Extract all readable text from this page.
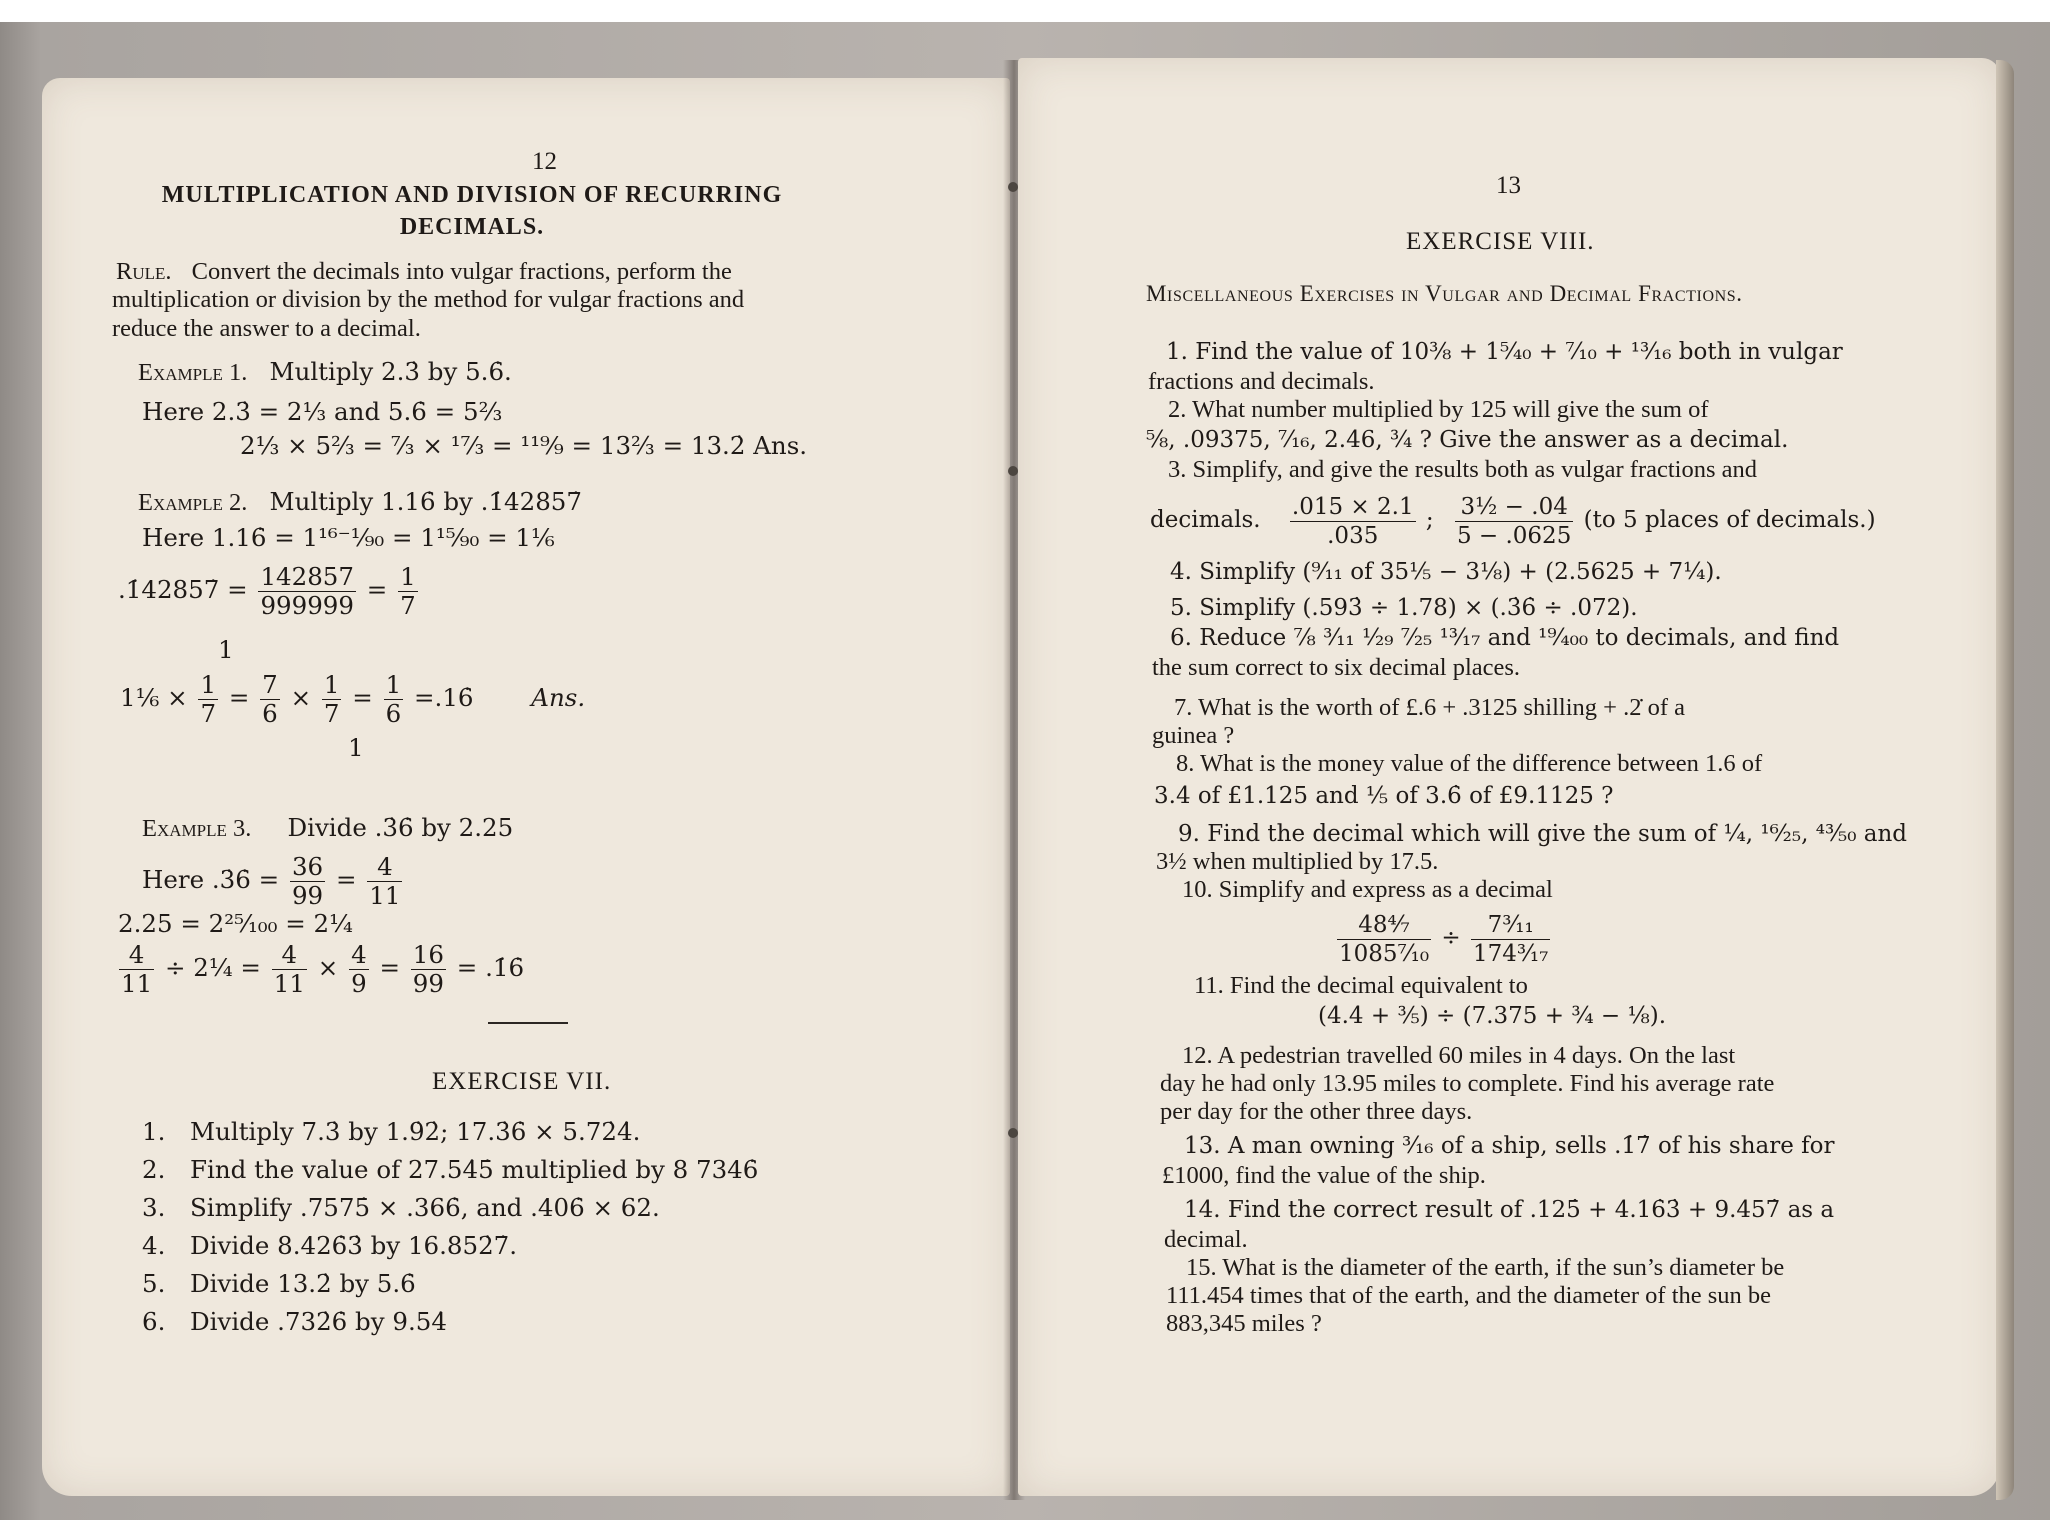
12
MULTIPLICATION AND DIVISION OF RECURRING
DECIMALS.
Rule. Convert the decimals into vulgar fractions, perform the
multiplication or division by the method for vulgar fractions and
reduce the answer to a decimal.
Example 1. Multiply 2.3̇ by 5.6̇.
Here 2.3̇ = 2⅓ and 5.6̇ = 5⅔
2⅓ × 5⅔ = ⁷⁄₃ × ¹⁷⁄₃ = ¹¹⁹⁄₉ = 13⅔ = 13.2̇ Ans.
Example 2. Multiply 1.16̇ by .1̇42857̇
Here 1.16̇ = 1¹⁶⁻¹⁄₉₀ = 1¹⁵⁄₉₀ = 1⅙
.1̇42857̇ = $\frac{142857}{999999} = \frac{1}{7}$
1
1⅙ × $\frac{1}{7} = \frac{7}{6} \times \frac{1}{7} = \frac{1}{6}$ =.16̇ Ans.
1
Example 3. Divide .3̇6̇ by 2.25
Here .3̇6̇ = $\frac{36}{99} = \frac{4}{11}$
2.25 = 2²⁵⁄₁₀₀ = 2¼
$\frac{4}{11}$ ÷ 2¼ = $\frac{4}{11} \times \frac{4}{9} = \frac{16}{99}$ = .1̇6̇
EXERCISE VII.
1. Multiply 7.3̇ by 1.9̇2̇; 17.3̇6̇ × 5.72̇4̇.
2. Find the value of 27.54̇5̇ multiplied by 8 7346̇
3. Simplify .7575̇ × .366̇, and .406̇ × 62.
4. Divide 8.426̇3̇ by 16.852̇7̇.
5. Divide 13.2̇ by 5.6̇
6. Divide .732̇6̇ by 9.54̇
13
EXERCISE VIII.
Miscellaneous Exercises in Vulgar and Decimal Fractions.
1. Find the value of 10⅜ + 1⁵⁄₄₀ + ⁷⁄₁₀ + ¹³⁄₁₆ both in vulgar
fractions and decimals.
2. What number multiplied by 125 will give the sum of
⅝, .09375, ⁷⁄₁₆, 2.46, ¾ ? Give the answer as a decimal.
3. Simplify, and give the results both as vulgar fractions and
decimals. $\frac{.015 \times 2.1}{.035}$ ; $\frac{\text{3½ − .04}}{5 - .0625} (to$ 5 places of decimals.)
4. Simplify (⁹⁄₁₁ of 35⅕ − 3⅛) + (2.5625 + 7¼).
5. Simplify (.593̇ ÷ 1.78) × (.3̇6̇ ÷ .072).
6. Reduce ⅞ ³⁄₁₁ ¹⁄₂₉ ⁷⁄₂₅ ¹³⁄₁₇ and ¹⁹⁄₄₀₀ to decimals, and find
the sum correct to six decimal places.
7. What is the worth of £.6 + .3125 shilling + .2̇ of a
guinea ?
8. What is the money value of the difference between 1.6 of
3.4 of £1.125 and ⅕ of 3.6̇ of £9.1125 ?
9. Find the decimal which will give the sum of ¼, ¹⁶⁄₂₅, ⁴³⁄₅₀ and
3½ when multiplied by 17.5.
10. Simplify and express as a decimal
$\frac{\text{48⁴⁄₇}}{\text{1085⁷⁄₁₀}} \div \frac{\text{7³⁄₁₁}}{\text{174³⁄₁₇}}$
11. Find the decimal equivalent to
(4.4 + ⅗) ÷ (7.375 + ¾ − ⅛).
12. A pedestrian travelled 60 miles in 4 days. On the last
day he had only 13.95 miles to complete. Find his average rate
per day for the other three days.
13. A man owning ³⁄₁₆ of a ship, sells .1̇7̇ of his share for
£1000, find the value of the ship.
14. Find the correct result of .125̇ + 4.16̇3̇ + 9.457̇ as a
decimal.
15. What is the diameter of the earth, if the sun’s diameter be
111.454 times that of the earth, and the diameter of the sun be
883,345 miles ?
